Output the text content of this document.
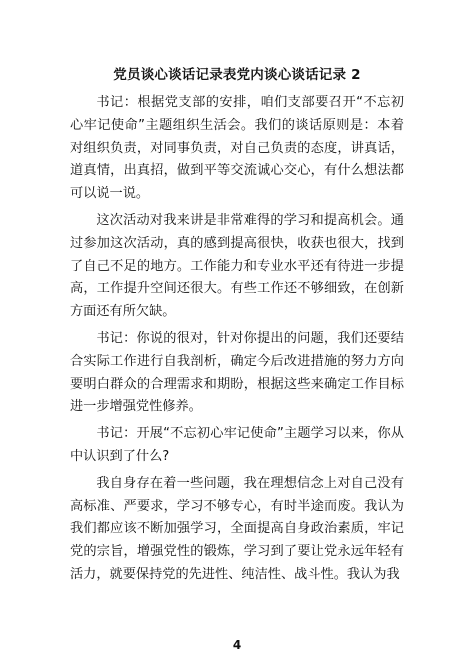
党员谈心谈话记录表党内谈心谈话记录 2

书记：根据党支部的安排，咱们支部要召开“不忘初心牢记使命”主题组织生活会。我们的谈话原则是：本着对组织负责，对同事负责，对自己负责的态度，讲真话，道真情，出真招，做到平等交流诚心交心，有什么想法都可以说一说。

这次活动对我来讲是非常难得的学习和提高机会。通过参加这次活动，真的感到提高很快，收获也很大，找到了自己不足的地方。工作能力和专业水平还有待进一步提高，工作提升空间还很大。有些工作还不够细致，在创新方面还有所欠缺。

书记：你说的很对，针对你提出的问题，我们还要结合实际工作进行自我剖析，确定今后改进措施的努力方向要明白群众的合理需求和期盼，根据这些来确定工作目标进一步增强党性修养。

书记：开展“不忘初心牢记使命”主题学习以来，你从中认识到了什么?

我自身存在着一些问题，我在理想信念上对自己没有高标准、严要求，学习不够专心，有时半途而废。我认为我们都应该不断加强学习，全面提高自身政治素质，牢记党的宗旨，增强党性的锻炼，学习到了要让党永远年轻有活力，就要保持党的先进性、纯洁性、战斗性。我认为我

4
